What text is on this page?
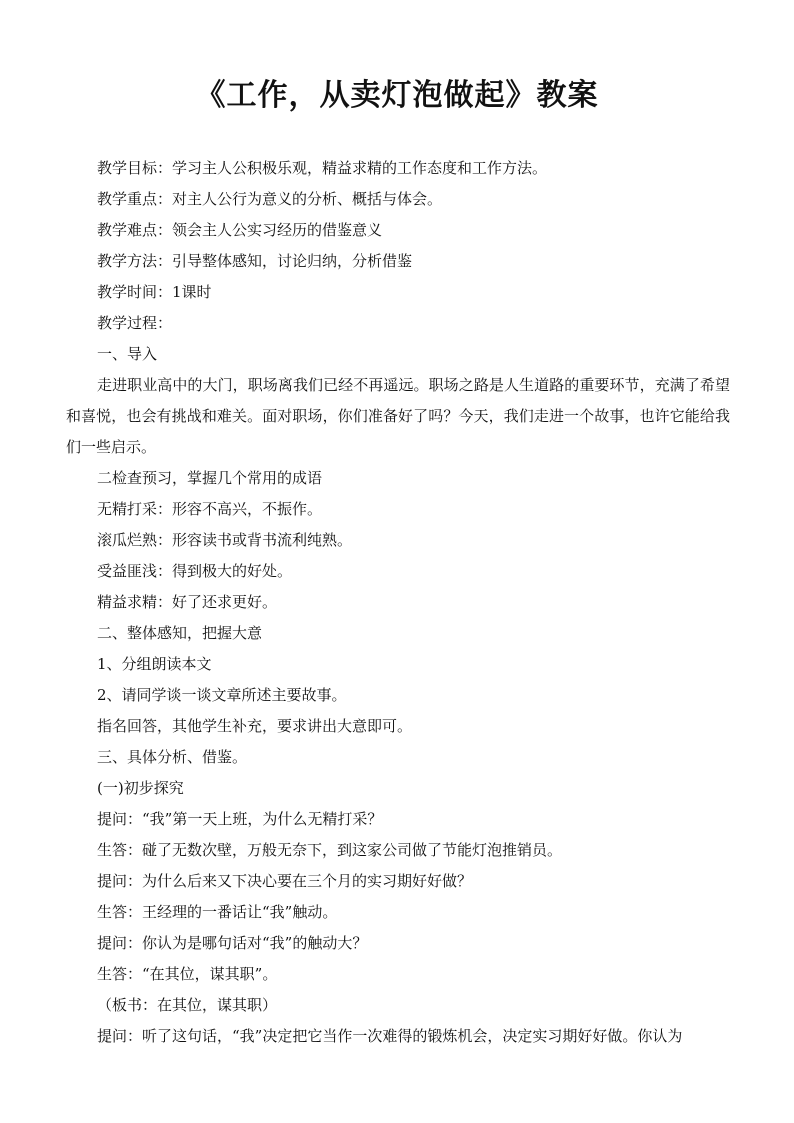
《工作，从卖灯泡做起》教案
教学目标：学习主人公积极乐观，精益求精的工作态度和工作方法。
教学重点：对主人公行为意义的分析、概括与体会。
教学难点：领会主人公实习经历的借鉴意义
教学方法：引导整体感知，讨论归纳，分析借鉴
教学时间：1课时
教学过程：
一、导入
走进职业高中的大门，职场离我们已经不再遥远。职场之路是人生道路的重要环节，充满了希望和喜悦，也会有挑战和难关。面对职场，你们准备好了吗？今天，我们走进一个故事，也许它能给我们一些启示。
二检查预习，掌握几个常用的成语
无精打采：形容不高兴，不振作。
滚瓜烂熟：形容读书或背书流利纯熟。
受益匪浅：得到极大的好处。
精益求精：好了还求更好。
二、整体感知，把握大意
1、分组朗读本文
2、请同学谈一谈文章所述主要故事。
指名回答，其他学生补充，要求讲出大意即可。
三、具体分析、借鉴。
(一)初步探究
提问：“我”第一天上班，为什么无精打采？
生答：碰了无数次壁，万般无奈下，到这家公司做了节能灯泡推销员。
提问：为什么后来又下决心要在三个月的实习期好好做？
生答：王经理的一番话让“我”触动。
提问：你认为是哪句话对“我”的触动大？
生答：“在其位，谋其职”。
（板书：在其位，谋其职）
提问：听了这句话，“我”决定把它当作一次难得的锻炼机会，决定实习期好好做。你认为
